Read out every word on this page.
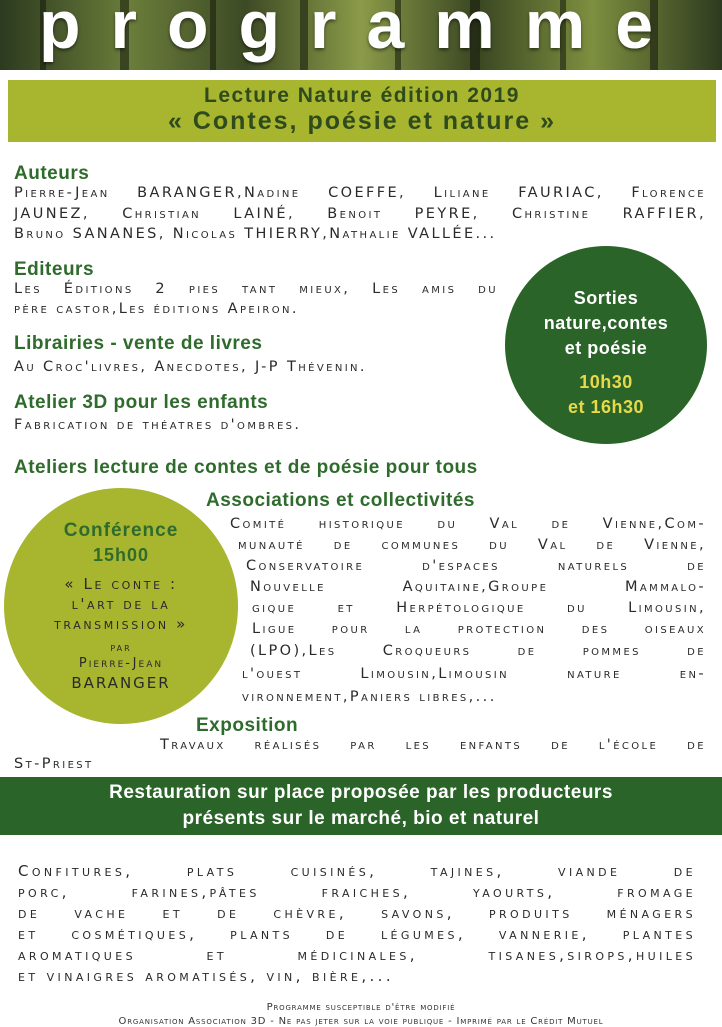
programme
Lecture Nature édition 2019
« Contes, poésie et nature »
Auteurs
Pierre-Jean BARANGER,Nadine COEFFE, Liliane FAURIAC, Florence
JAUNEZ, Christian LAINÉ, Benoit PEYRE, Christine RAFFIER,
Bruno SANANES, Nicolas THIERRY,Nathalie VALLÉE...
Editeurs
Les Éditions 2 pies tant mieux, Les amis du
père castor,Les éditions Apeiron.
Librairies - vente de livres
Au Croc'livres, Anecdotes, J-P Thévenin.
Atelier 3D pour les enfants
Fabrication de théatres d'ombres.
Sorties
nature,contes
et poésie
10h30
et 16h30
Ateliers lecture de contes et de poésie pour tous
Conférence
15h00
« Le conte :
l'art de la
transmission »
par
Pierre-Jean
BARANGER
Associations et collectivités
Comité historique du Val de Vienne,Com-
munauté de communes du Val de Vienne,
Conservatoire d'espaces naturels de
Nouvelle Aquitaine,Groupe Mammalo-
gique et Herpétologique du Limousin,
Ligue pour la protection des oiseaux
(LPO),Les Croqueurs de pommes de
l'ouest Limousin,Limousin nature en-
vironnement,Paniers libres,...
Exposition
Travaux réalisés par les enfants de l'école de
St-Priest
Restauration sur place proposée par les producteurs
présents sur le marché, bio et naturel
Confitures, plats cuisinés, tajines, viande de
porc, farines,pâtes fraiches, yaourts, fromage
de vache et de chèvre, savons, produits ménagers
et cosmétiques, plants de légumes, vannerie, plantes
aromatiques et médicinales, tisanes,sirops,huiles
et vinaigres aromatisés, vin, bière,...
Programme susceptible d'être modifié
Organisation Association 3D - Ne pas jeter sur la voie publique - Imprimé par le Crédit Mutuel
